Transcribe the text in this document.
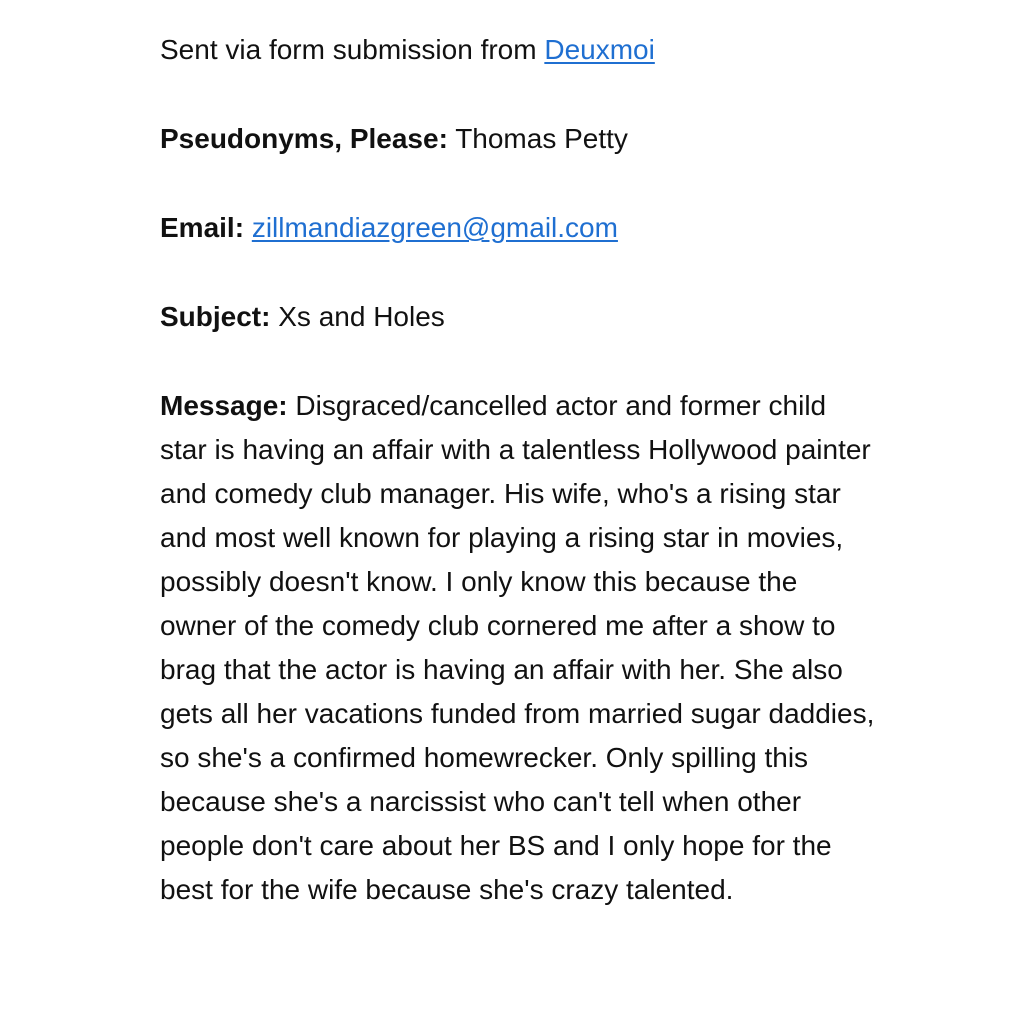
Sent via form submission from Deuxmoi
Pseudonyms, Please: Thomas Petty
Email: zillmandiazgreen@gmail.com
Subject: Xs and Holes
Message: Disgraced/cancelled actor and former child star is having an affair with a talentless Hollywood painter and comedy club manager. His wife, who's a rising star and most well known for playing a rising star in movies, possibly doesn't know. I only know this because the owner of the comedy club cornered me after a show to brag that the actor is having an affair with her. She also gets all her vacations funded from married sugar daddies, so she's a confirmed homewrecker. Only spilling this because she's a narcissist who can't tell when other people don't care about her BS and I only hope for the best for the wife because she's crazy talented.
